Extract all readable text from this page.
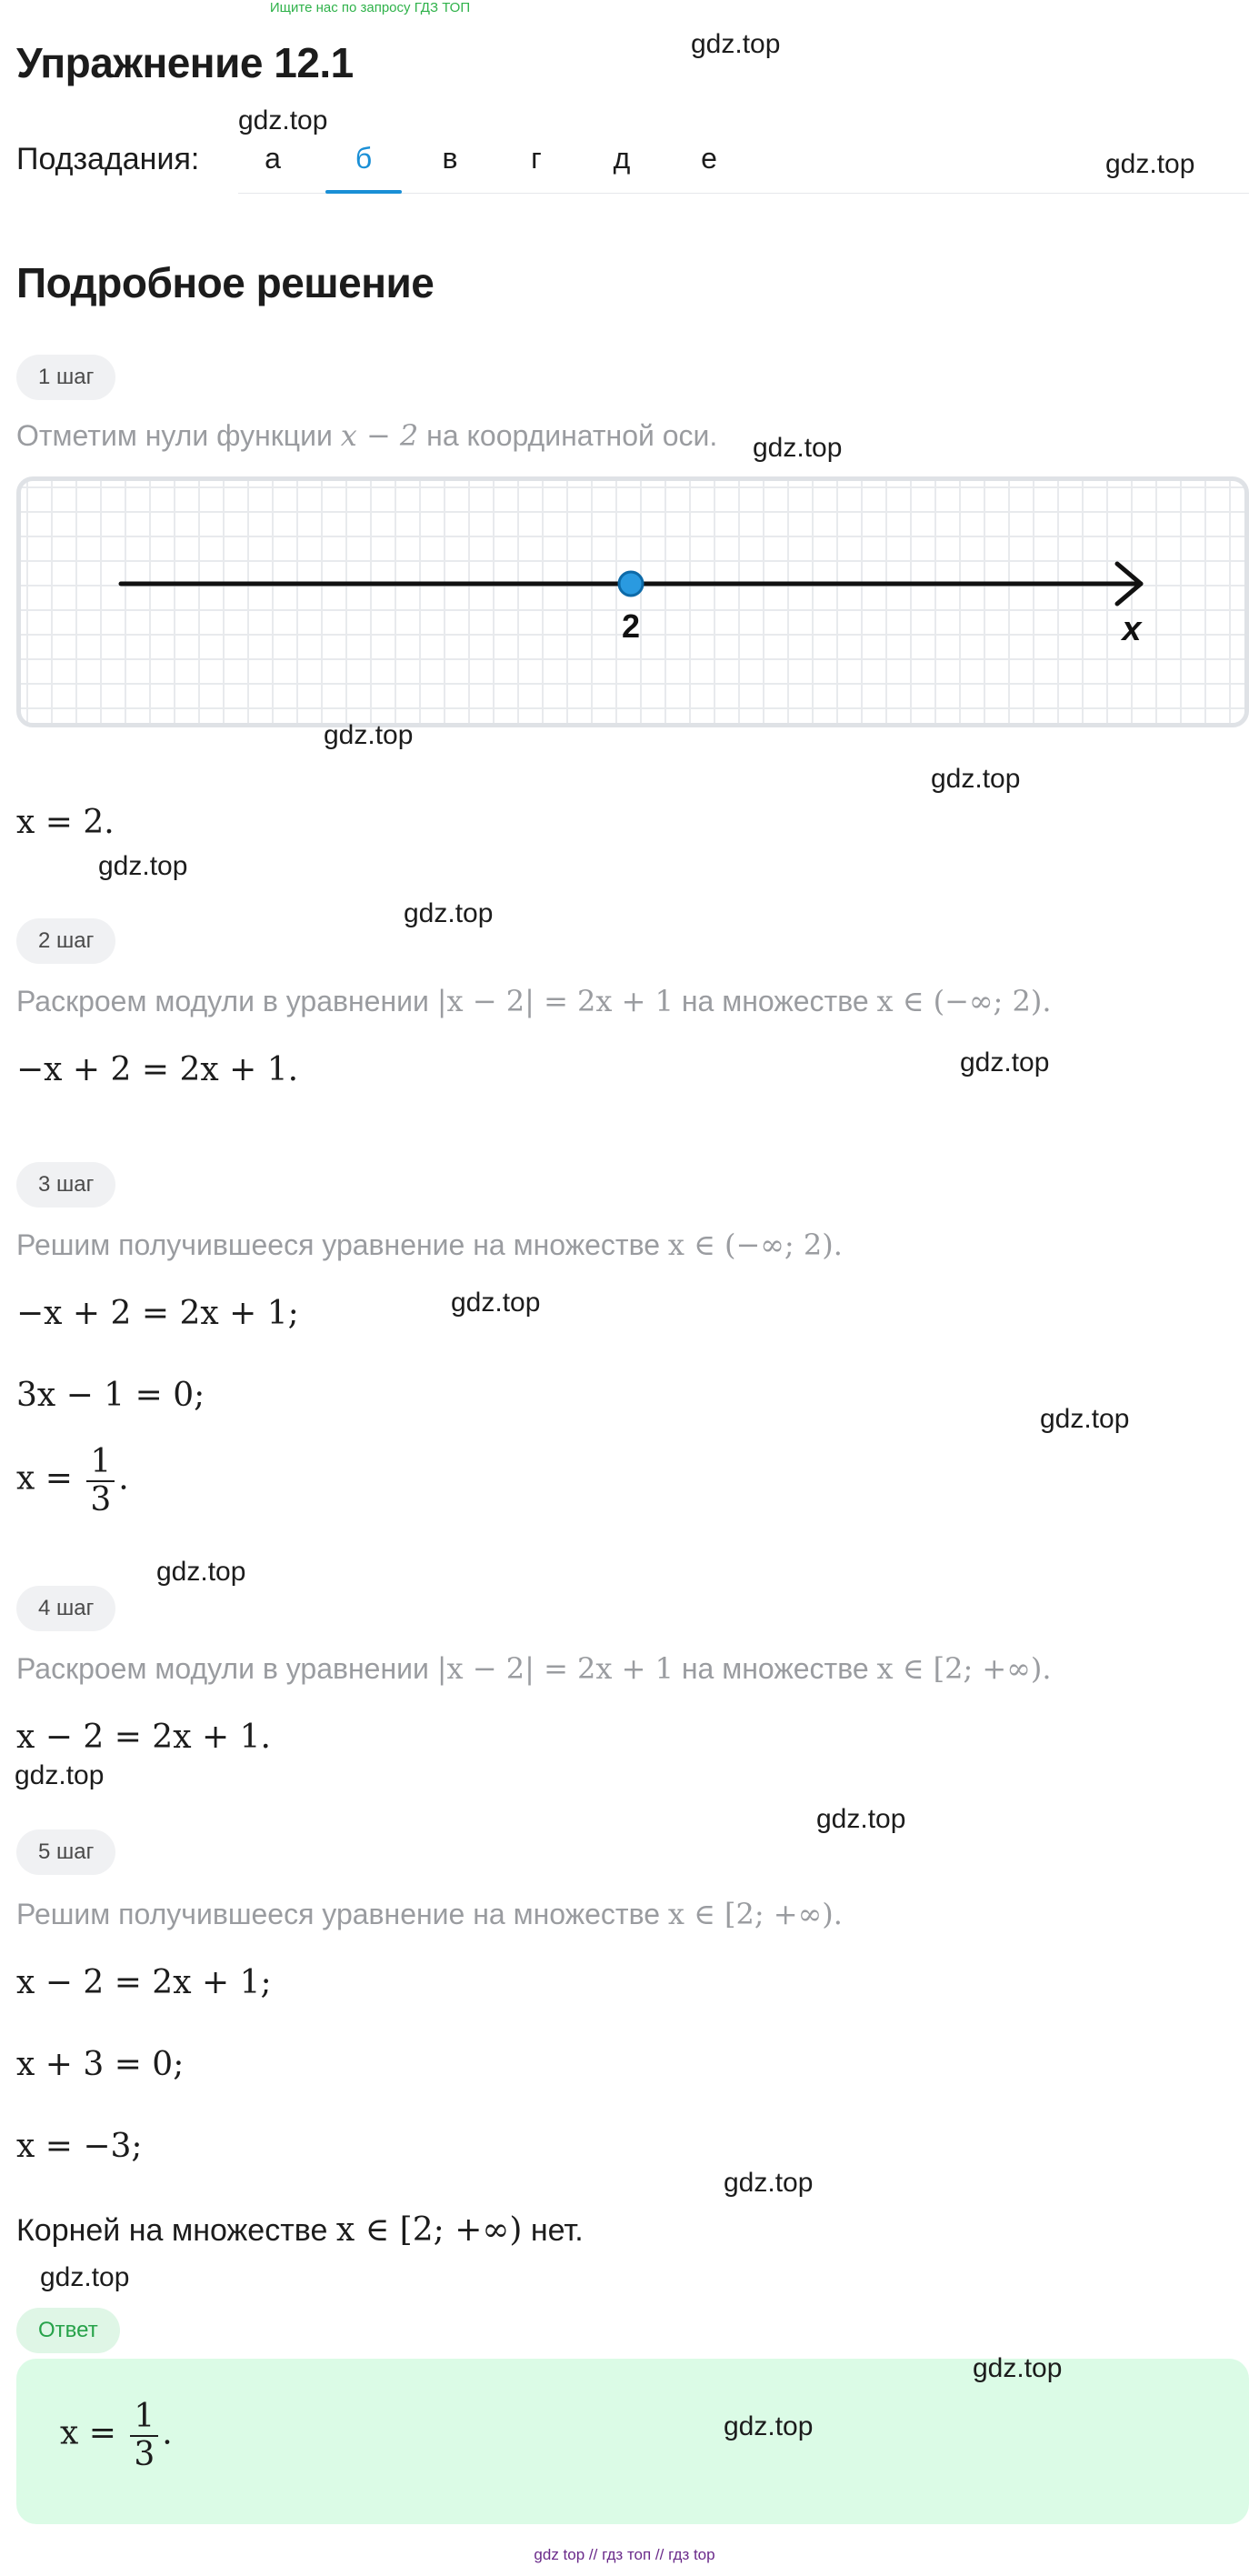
Ищите нас по запросу ГДЗ ТОП
Упражнение 12.1
Подзадания:	а	б	в	г	д	е
Подробное решение
1 шаг
Отметим нули функции x − 2 на координатной оси.
2	x
x = 2.
2 шаг
Раскроем модули в уравнении |x − 2| = 2x + 1 на множестве x ∈ (−∞; 2).
−x + 2 = 2x + 1.
3 шаг
Решим получившееся уравнение на множестве x ∈ (−∞; 2).
−x + 2 = 2x + 1;
3x − 1 = 0;
$x = \frac{1}{3}$ .
4 шаг
Раскроем модули в уравнении |x − 2| = 2x + 1 на множестве x ∈ [2; +∞).
x − 2 = 2x + 1.
5 шаг
Решим получившееся уравнение на множестве x ∈ [2; +∞).
x − 2 = 2x + 1;
x + 3 = 0;
x = −3;
Корней на множестве x ∈ [2; +∞) нет.
Ответ
$x = \frac{1}{3}$ .
gdz.top
gdz.top
gdz.top
gdz.top
gdz.top
gdz.top
gdz.top
gdz.top
gdz.top
gdz.top
gdz.top
gdz.top
gdz.top
gdz.top
gdz.top
gdz.top
gdz.top
gdz.top
gdz top // гдз топ // гдз top
